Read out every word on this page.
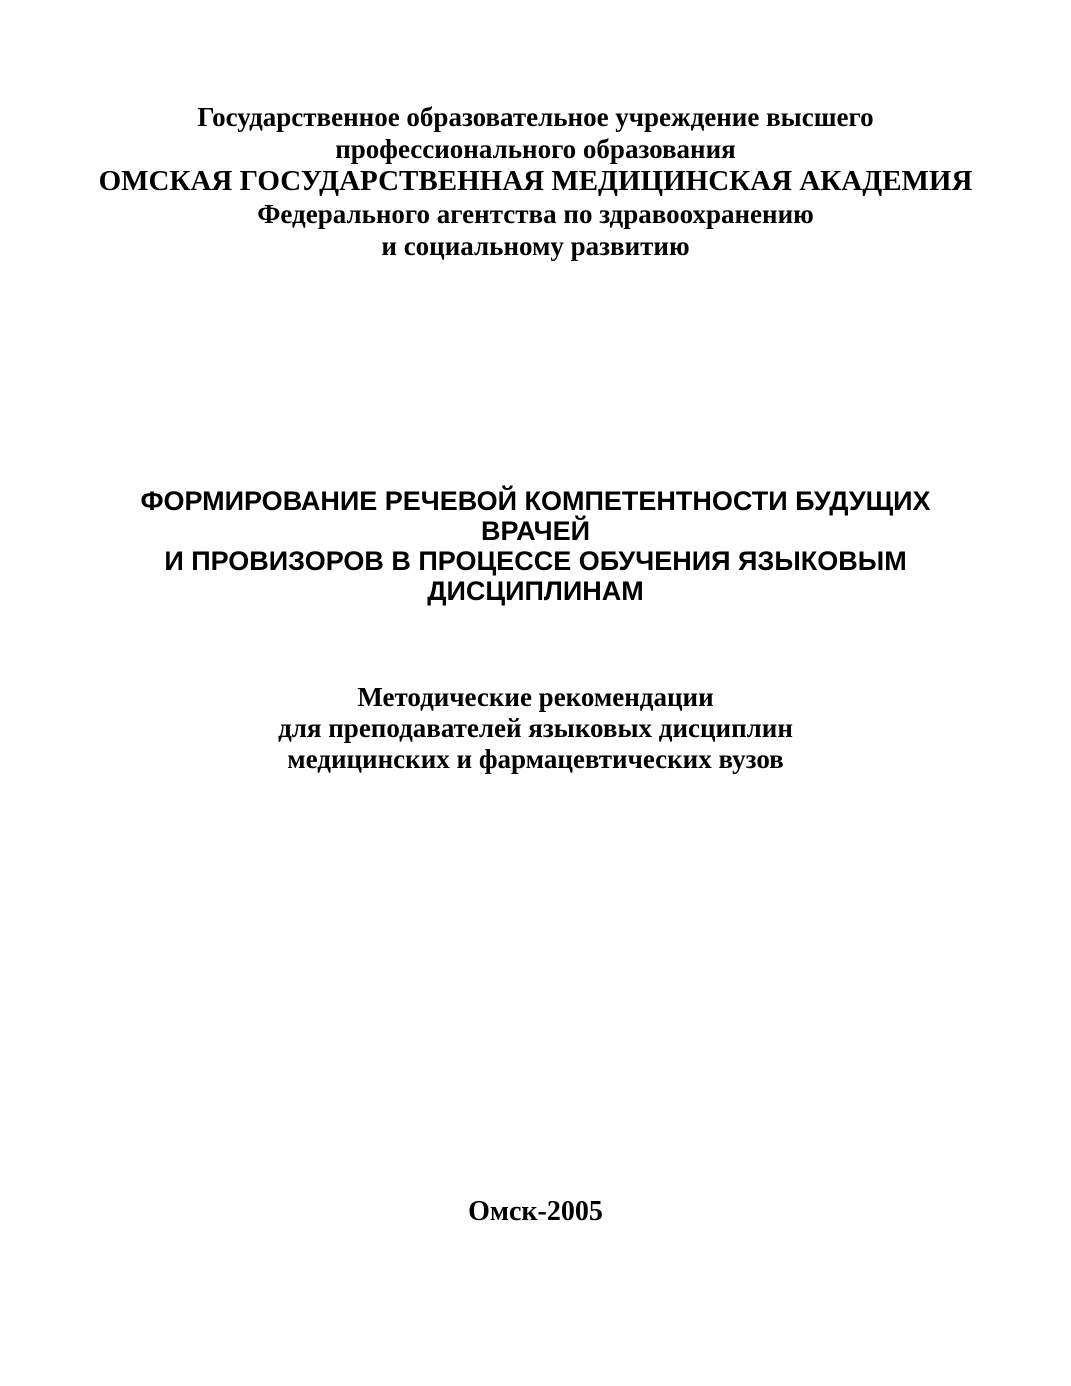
Государственное образовательное учреждение высшего
профессионального образования
ОМСКАЯ ГОСУДАРСТВЕННАЯ МЕДИЦИНСКАЯ АКАДЕМИЯ
Федерального агентства по здравоохранению
и социальному развитию
ФОРМИРОВАНИЕ РЕЧЕВОЙ КОМПЕТЕНТНОСТИ БУДУЩИХ
ВРАЧЕЙ
И ПРОВИЗОРОВ В ПРОЦЕССЕ ОБУЧЕНИЯ ЯЗЫКОВЫМ
ДИСЦИПЛИНАМ
Методические рекомендации
для преподавателей языковых дисциплин
медицинских и фармацевтических вузов
Омск-2005
